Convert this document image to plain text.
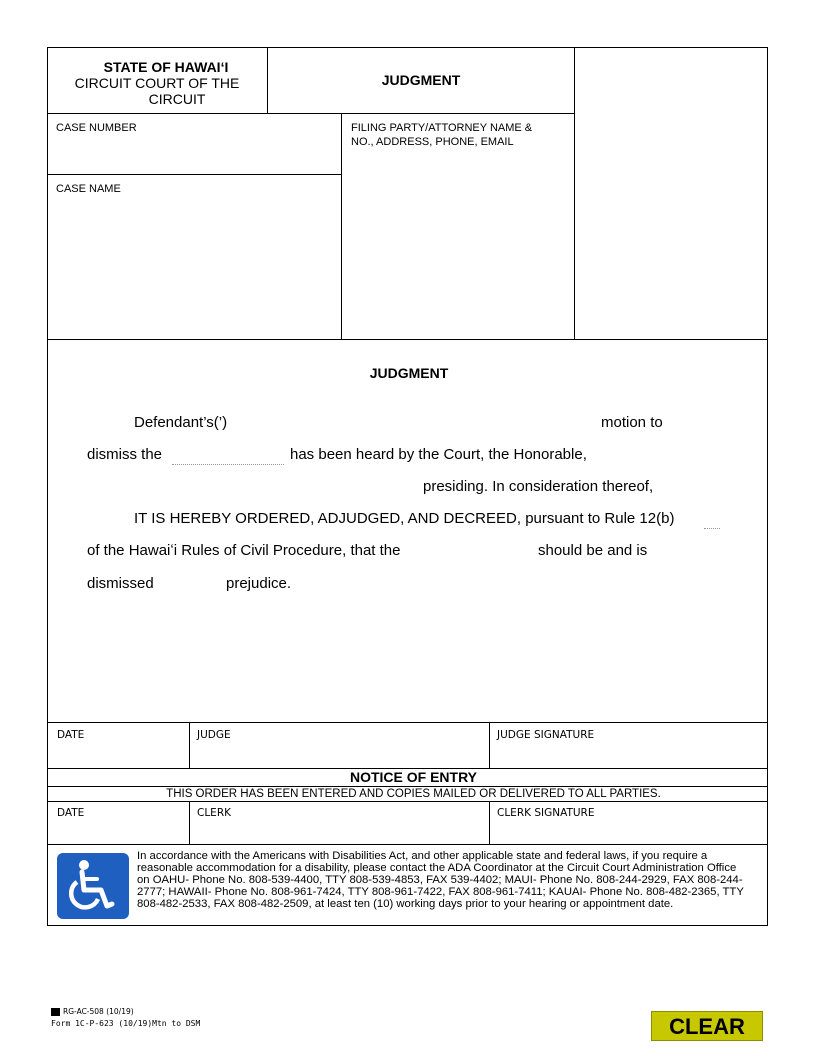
STATE OF HAWAIʻI
CIRCUIT COURT OF THE
CIRCUIT
JUDGMENT
CASE NUMBER	FILING PARTY/ATTORNEY NAME &
NO., ADDRESS, PHONE, EMAIL
CASE NAME
JUDGMENT
Defendant’s(’)	motion to
dismiss the	has been heard by the Court, the Honorable,
presiding. In consideration thereof,
IT IS HEREBY ORDERED, ADJUDGED, AND DECREED, pursuant to Rule 12(b)
of the Hawaiʻi Rules of Civil Procedure, that the	should be and is
dismissed	prejudice.
DATE	JUDGE	JUDGE SIGNATURE
NOTICE OF ENTRY
THIS ORDER HAS BEEN ENTERED AND COPIES MAILED OR DELIVERED TO ALL PARTIES.
DATE	CLERK	CLERK SIGNATURE
In accordance with the Americans with Disabilities Act, and other applicable state and federal laws, if you require a reasonable accommodation for a disability, please contact the ADA Coordinator at the Circuit Court Administration Office on OAHU- Phone No. 808-539-4400, TTY 808-539-4853, FAX 539-4402; MAUI- Phone No. 808-244-2929, FAX 808-244-2777; HAWAII- Phone No. 808-961-7424, TTY 808-961-7422, FAX 808-961-7411; KAUAI- Phone No. 808-482-2365, TTY 808-482-2533, FAX 808-482-2509, at least ten (10) working days prior to your hearing or appointment date.
RG-AC-508 (10/19)
Form 1C-P-623 (10/19)Mtn to DSM	CLEAR
